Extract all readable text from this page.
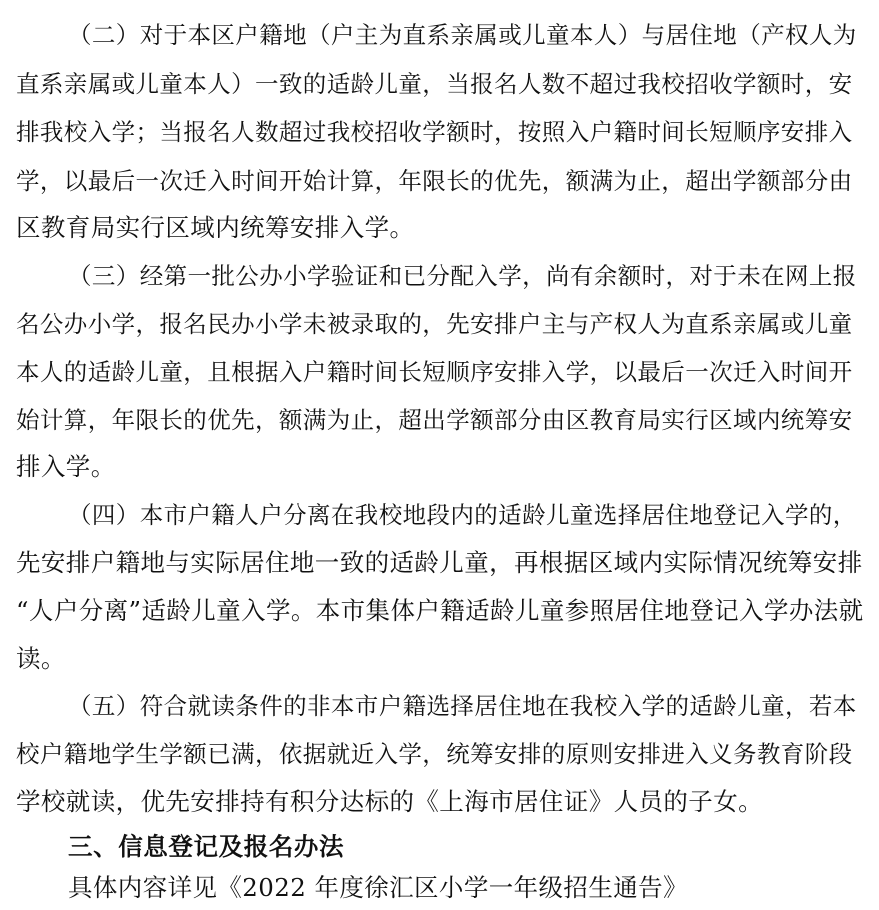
（二）对于本区户籍地（户主为直系亲属或儿童本人）与居住地（产权人为
直系亲属或儿童本人）一致的适龄儿童，当报名人数不超过我校招收学额时，安
排我校入学；当报名人数超过我校招收学额时，按照入户籍时间长短顺序安排入
学，以最后一次迁入时间开始计算，年限长的优先，额满为止，超出学额部分由
区教育局实行区域内统筹安排入学。
（三）经第一批公办小学验证和已分配入学，尚有余额时，对于未在网上报
名公办小学，报名民办小学未被录取的，先安排户主与产权人为直系亲属或儿童
本人的适龄儿童，且根据入户籍时间长短顺序安排入学，以最后一次迁入时间开
始计算，年限长的优先，额满为止，超出学额部分由区教育局实行区域内统筹安
排入学。
（四）本市户籍人户分离在我校地段内的适龄儿童选择居住地登记入学的，
先安排户籍地与实际居住地一致的适龄儿童，再根据区域内实际情况统筹安排
“人户分离”适龄儿童入学。本市集体户籍适龄儿童参照居住地登记入学办法就
读。
（五）符合就读条件的非本市户籍选择居住地在我校入学的适龄儿童，若本
校户籍地学生学额已满，依据就近入学，统筹安排的原则安排进入义务教育阶段
学校就读，优先安排持有积分达标的《上海市居住证》人员的子女。
三、信息登记及报名办法
具体内容详见《2022 年度徐汇区小学一年级招生通告》
